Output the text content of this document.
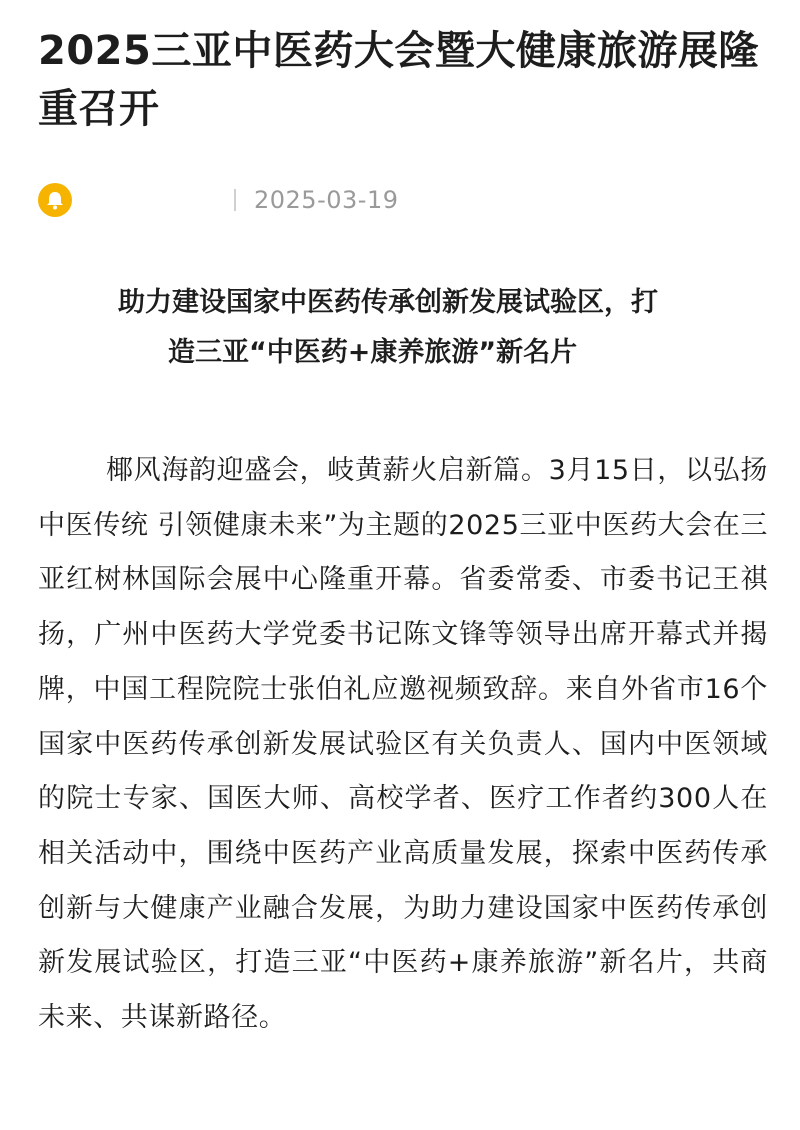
2025三亚中医药大会暨大健康旅游展隆重召开
2025-03-19

助力建设国家中医药传承创新发展试验区，打
造三亚“中医药+康养旅游”新名片

椰风海韵迎盛会，岐黄薪火启新篇。3月15日，以弘扬中医传统 引领健康未来”为主题的2025三亚中医药大会在三亚红树林国际会展中心隆重开幕。省委常委、市委书记王祺扬，广州中医药大学党委书记陈文锋等领导出席开幕式并揭牌，中国工程院院士张伯礼应邀视频致辞。来自外省市16个国家中医药传承创新发展试验区有关负责人、国内中医领域的院士专家、国医大师、高校学者、医疗工作者约300人在相关活动中，围绕中医药产业高质量发展，探索中医药传承创新与大健康产业融合发展，为助力建设国家中医药传承创新发展试验区，打造三亚“中医药+康养旅游”新名片，共商未来、共谋新路径。
